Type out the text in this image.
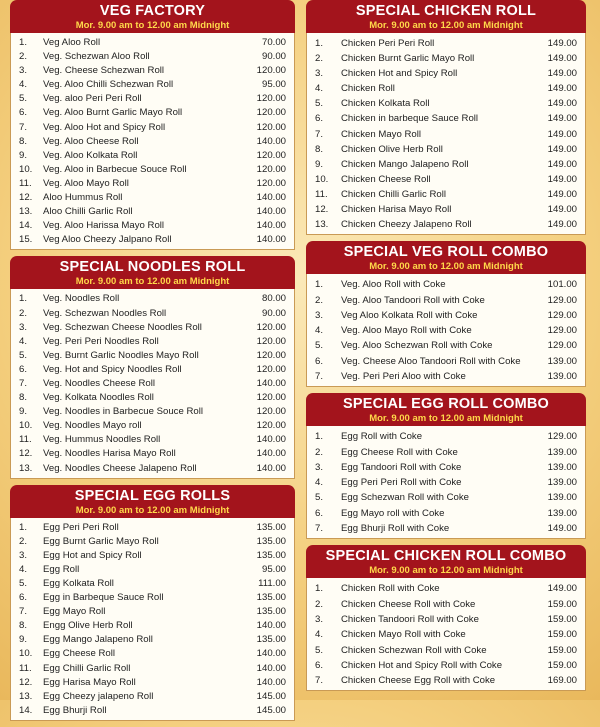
VEG FACTORY
Mor. 9.00 am to 12.00 am Midnight
1.	Veg Aloo Roll	70.00
2.	Veg. Schezwan Aloo Roll	90.00
3.	Veg. Cheese Schezwan Roll	120.00
4.	Veg. Aloo Chilli Schezwan Roll	95.00
5.	Veg. aloo Peri Peri Roll	120.00
6.	Veg. Aloo Burnt Garlic Mayo Roll	120.00
7.	Veg. Aloo Hot and Spicy Roll	120.00
8.	Veg. Aloo Cheese Roll	140.00
9.	Veg. Aloo Kolkata Roll	120.00
10.	Veg. Aloo in Barbecue Souce Roll	120.00
11.	Veg. Aloo Mayo Roll	120.00
12.	Aloo Hummus Roll	140.00
13.	Aloo Chilli Garlic Roll	140.00
14.	Veg. Aloo Harissa Mayo Roll	140.00
15.	Veg Aloo Cheezy Jalpano Roll	140.00
SPECIAL NOODLES ROLL
Mor. 9.00 am to 12.00 am Midnight
1.	Veg. Noodles Roll	80.00
2.	Veg. Schezwan Noodles Roll	90.00
3.	Veg. Schezwan Cheese Noodles Roll	120.00
4.	Veg. Peri Peri Noodles Roll	120.00
5.	Veg. Burnt Garlic Noodles Mayo Roll	120.00
6.	Veg. Hot and Spicy Noodles Roll	120.00
7.	Veg. Noodles Cheese Roll	140.00
8.	Veg. Kolkata Noodles Roll	120.00
9.	Veg. Noodles in Barbecue Souce Roll	120.00
10.	Veg. Noodles Mayo roll	120.00
11.	Veg. Hummus Noodles Roll	140.00
12.	Veg. Noodles Harisa Mayo Roll	140.00
13.	Veg. Noodles Cheese Jalapeno Roll	140.00
SPECIAL EGG ROLLS
Mor. 9.00 am to 12.00 am Midnight
1.	Egg Peri Peri Roll	135.00
2.	Egg Burnt Garlic Mayo Roll	135.00
3.	Egg Hot and Spicy Roll	135.00
4.	Egg Roll	95.00
5.	Egg Kolkata Roll	111.00
6.	Egg in Barbeque Sauce Roll	135.00
7.	Egg Mayo Roll	135.00
8.	Engg Olive Herb Roll	140.00
9.	Egg Mango Jalapeno Roll	135.00
10.	Egg Cheese Roll	140.00
11.	Egg Chilli Garlic Roll	140.00
12.	Egg Harisa Mayo Roll	140.00
13.	Egg Cheezy jalapeno Roll	145.00
14.	Egg Bhurji Roll	145.00
SPECIAL CHICKEN ROLL
Mor. 9.00 am to 12.00 am Midnight
1.	Chicken Peri Peri Roll	149.00
2.	Chicken Burnt Garlic Mayo Roll	149.00
3.	Chicken Hot and Spicy Roll	149.00
4.	Chicken Roll	149.00
5.	Chicken Kolkata Roll	149.00
6.	Chicken in barbeque Sauce Roll	149.00
7.	Chicken Mayo Roll	149.00
8.	Chicken Olive Herb Roll	149.00
9.	Chicken Mango Jalapeno Roll	149.00
10.	Chicken Cheese Roll	149.00
11.	Chicken Chilli Garlic Roll	149.00
12.	Chicken Harisa Mayo Roll	149.00
13.	Chicken Cheezy Jalapeno Roll	149.00
SPECIAL VEG ROLL COMBO
Mor. 9.00 am to 12.00 am Midnight
1.	Veg. Aloo Roll with Coke	101.00
2.	Veg. Aloo Tandoori Roll with Coke	129.00
3.	Veg Aloo Kolkata Roll with Coke	129.00
4.	Veg. Aloo Mayo Roll with Coke	129.00
5.	Veg. Aloo Schezwan Roll with Coke	129.00
6.	Veg. Cheese Aloo Tandoori Roll with Coke	139.00
7.	Veg. Peri Peri Aloo with Coke	139.00
SPECIAL EGG ROLL COMBO
Mor. 9.00 am to 12.00 am Midnight
1.	Egg Roll with Coke	129.00
2.	Egg Cheese Roll with Coke	139.00
3.	Egg Tandoori Roll with Coke	139.00
4.	Egg Peri Peri Roll with Coke	139.00
5.	Egg Schezwan Roll with Coke	139.00
6.	Egg Mayo roll with Coke	139.00
7.	Egg Bhurji Roll with Coke	149.00
SPECIAL CHICKEN ROLL COMBO
Mor. 9.00 am to 12.00 am Midnight
1.	Chicken Roll with Coke	149.00
2.	Chicken Cheese Roll with Coke	159.00
3.	Chicken Tandoori Roll with Coke	159.00
4.	Chicken Mayo Roll with Coke	159.00
5.	Chicken Schezwan Roll with Coke	159.00
6.	Chicken Hot and Spicy Roll with Coke	159.00
7.	Chicken Cheese Egg Roll with Coke	169.00
